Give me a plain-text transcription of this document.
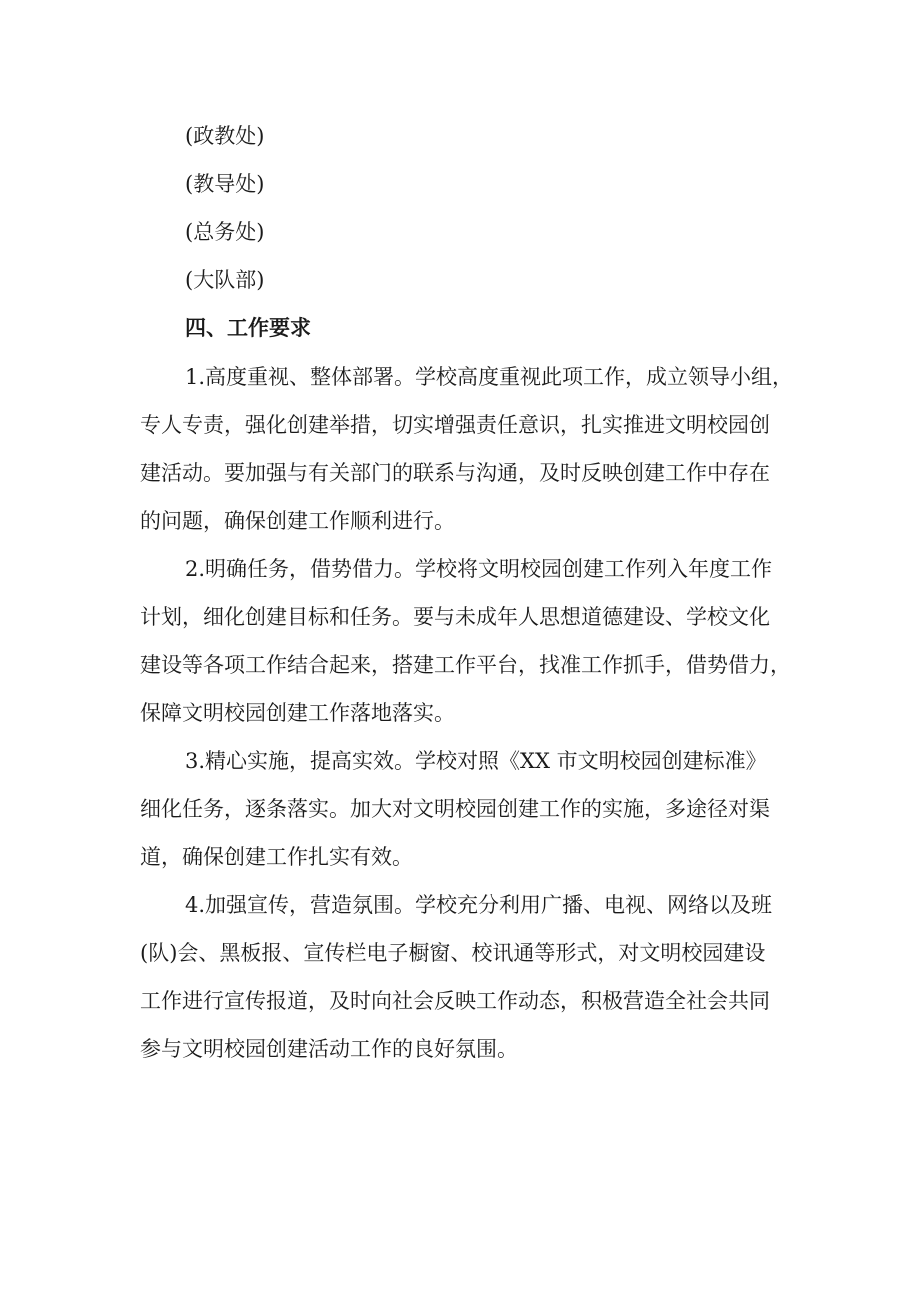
(政教处)
(教导处)
(总务处)
(大队部)
四、工作要求
1.高度重视、整体部署。学校高度重视此项工作，成立领导小组，
专人专责，强化创建举措，切实增强责任意识，扎实推进文明校园创
建活动。要加强与有关部门的联系与沟通，及时反映创建工作中存在
的问题，确保创建工作顺利进行。
2.明确任务，借势借力。学校将文明校园创建工作列入年度工作
计划，细化创建目标和任务。要与未成年人思想道德建设、学校文化
建设等各项工作结合起来，搭建工作平台，找准工作抓手，借势借力，
保障文明校园创建工作落地落实。
3.精心实施，提高实效。学校对照《XX 市文明校园创建标准》
细化任务，逐条落实。加大对文明校园创建工作的实施，多途径对渠
道，确保创建工作扎实有效。
4.加强宣传，营造氛围。学校充分利用广播、电视、网络以及班
(队)会、黑板报、宣传栏电子橱窗、校讯通等形式，对文明校园建设
工作进行宣传报道，及时向社会反映工作动态，积极营造全社会共同
参与文明校园创建活动工作的良好氛围。
